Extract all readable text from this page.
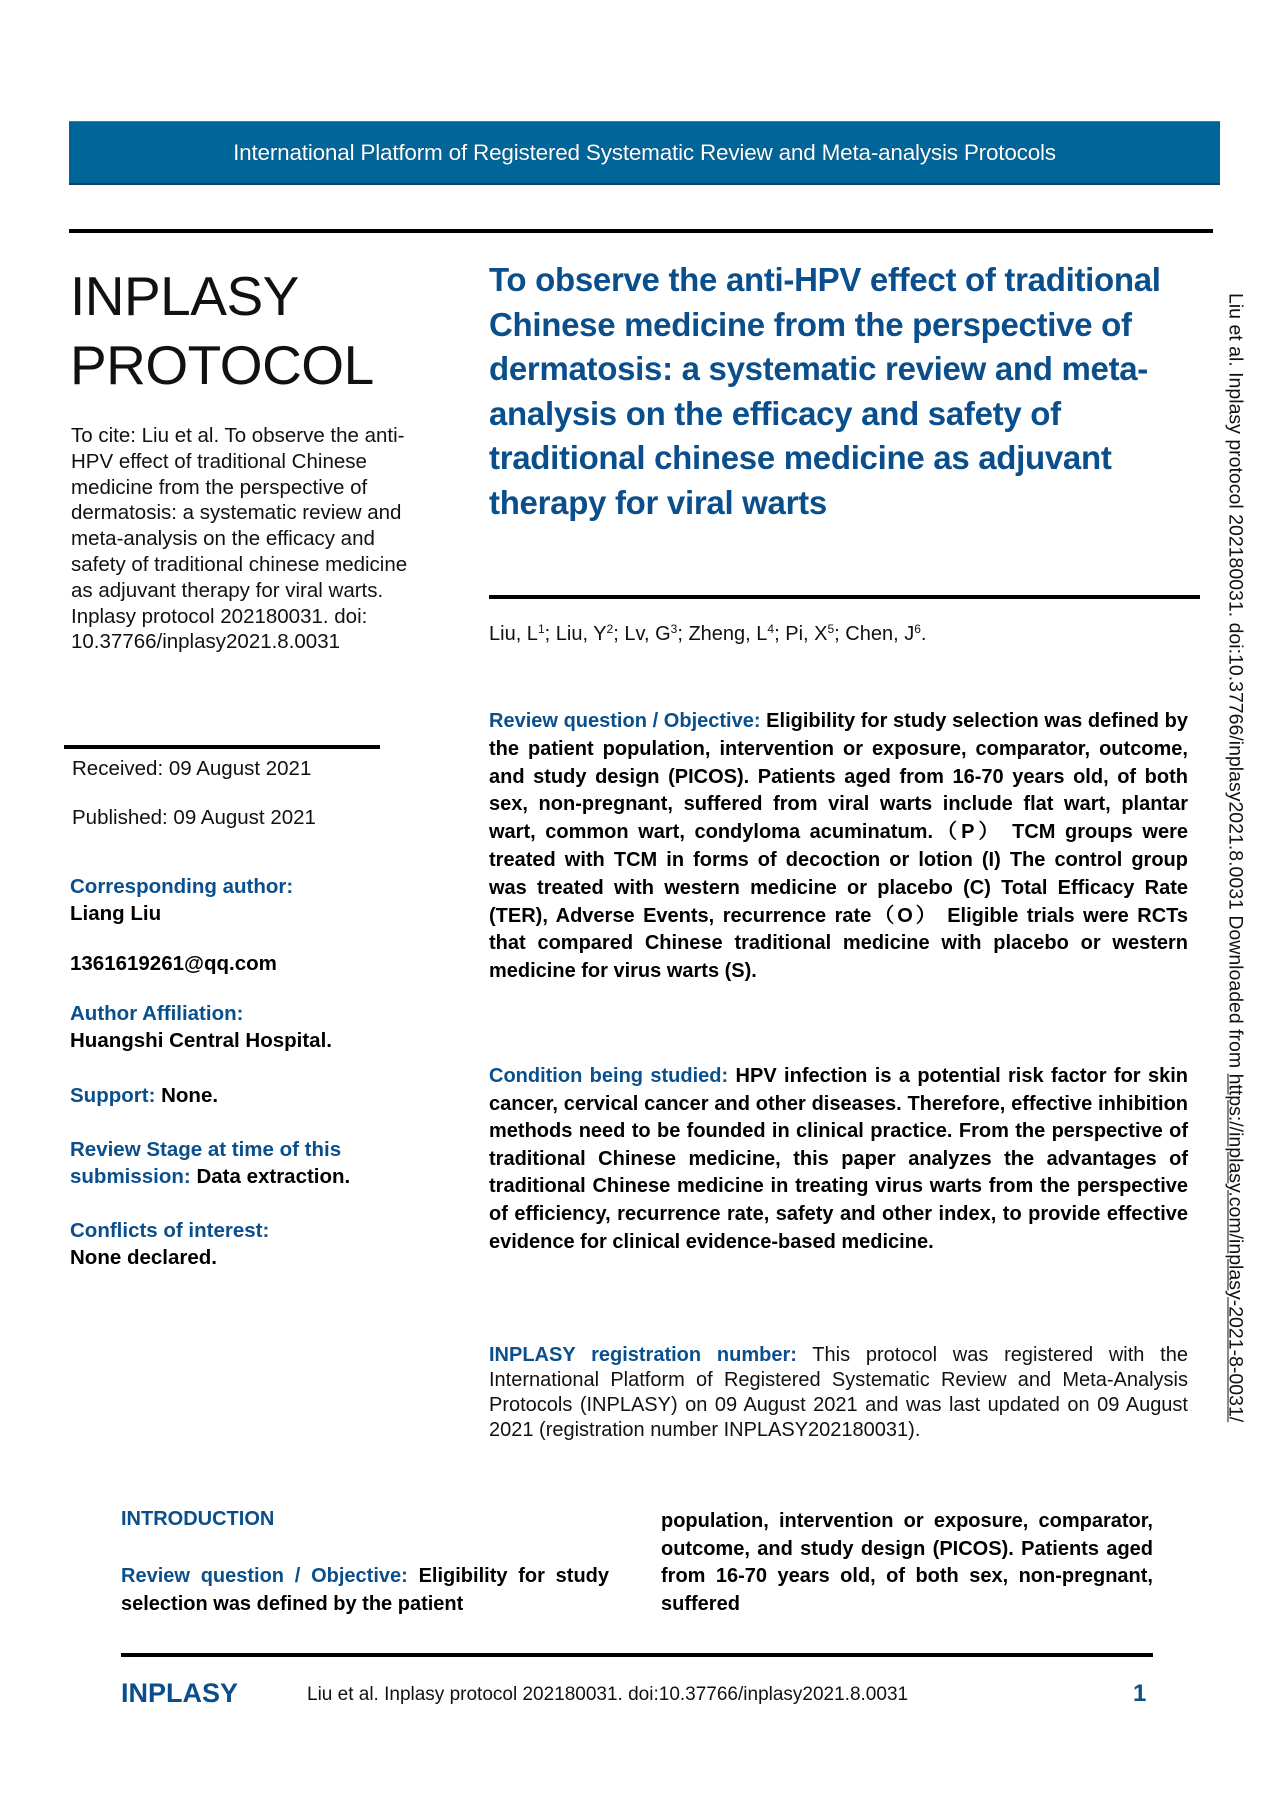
International Platform of Registered Systematic Review and Meta-analysis Protocols
INPLASY
PROTOCOL
To cite: Liu et al. To observe the anti-HPV effect of traditional Chinese medicine from the perspective of dermatosis: a systematic review and meta-analysis on the efficacy and safety of traditional chinese medicine as adjuvant therapy for viral warts. Inplasy protocol 202180031. doi: 10.37766/inplasy2021.8.0031
Received: 09 August 2021
Published: 09 August 2021
Corresponding author:
Liang Liu
1361619261@qq.com
Author Affiliation:
Huangshi Central Hospital.
Support: None.
Review Stage at time of this submission: Data extraction.
Conflicts of interest:
None declared.
To observe the anti-HPV effect of traditional Chinese medicine from the perspective of dermatosis: a systematic review and meta-analysis on the efficacy and safety of traditional chinese medicine as adjuvant therapy for viral warts
Liu, $L^1$; Liu, $Y^2$; Lv, $G^3$; Zheng, $L^4$; Pi, $X^5$; Chen, $J^6$.
Review question / Objective: Eligibility for study selection was defined by the patient population, intervention or exposure, comparator, outcome, and study design (PICOS). Patients aged from 16-70 years old, of both sex, non-pregnant, suffered from viral warts include flat wart, plantar wart, common wart, condyloma acuminatum.（P） TCM groups were treated with TCM in forms of decoction or lotion (I) The control group was treated with western medicine or placebo (C) Total Efficacy Rate (TER), Adverse Events, recurrence rate（O） Eligible trials were RCTs that compared Chinese traditional medicine with placebo or western medicine for virus warts (S).
Condition being studied: HPV infection is a potential risk factor for skin cancer, cervical cancer and other diseases. Therefore, effective inhibition methods need to be founded in clinical practice. From the perspective of traditional Chinese medicine, this paper analyzes the advantages of traditional Chinese medicine in treating virus warts from the perspective of efficiency, recurrence rate, safety and other index, to provide effective evidence for clinical evidence-based medicine.
INPLASY registration number: This protocol was registered with the International Platform of Registered Systematic Review and Meta-Analysis Protocols (INPLASY) on 09 August 2021 and was last updated on 09 August 2021 (registration number INPLASY202180031).
INTRODUCTION
Review question / Objective: Eligibility for study selection was defined by the patient
population, intervention or exposure, comparator, outcome, and study design (PICOS). Patients aged from 16-70 years old, of both sex, non-pregnant, suffered
INPLASY	Liu et al. Inplasy protocol 202180031. doi:10.37766/inplasy2021.8.0031	1
Liu et al. Inplasy protocol 202180031. doi:10.37766/inplasy2021.8.0031 Downloaded from https://inplasy.com/inplasy-2021-8-0031/
